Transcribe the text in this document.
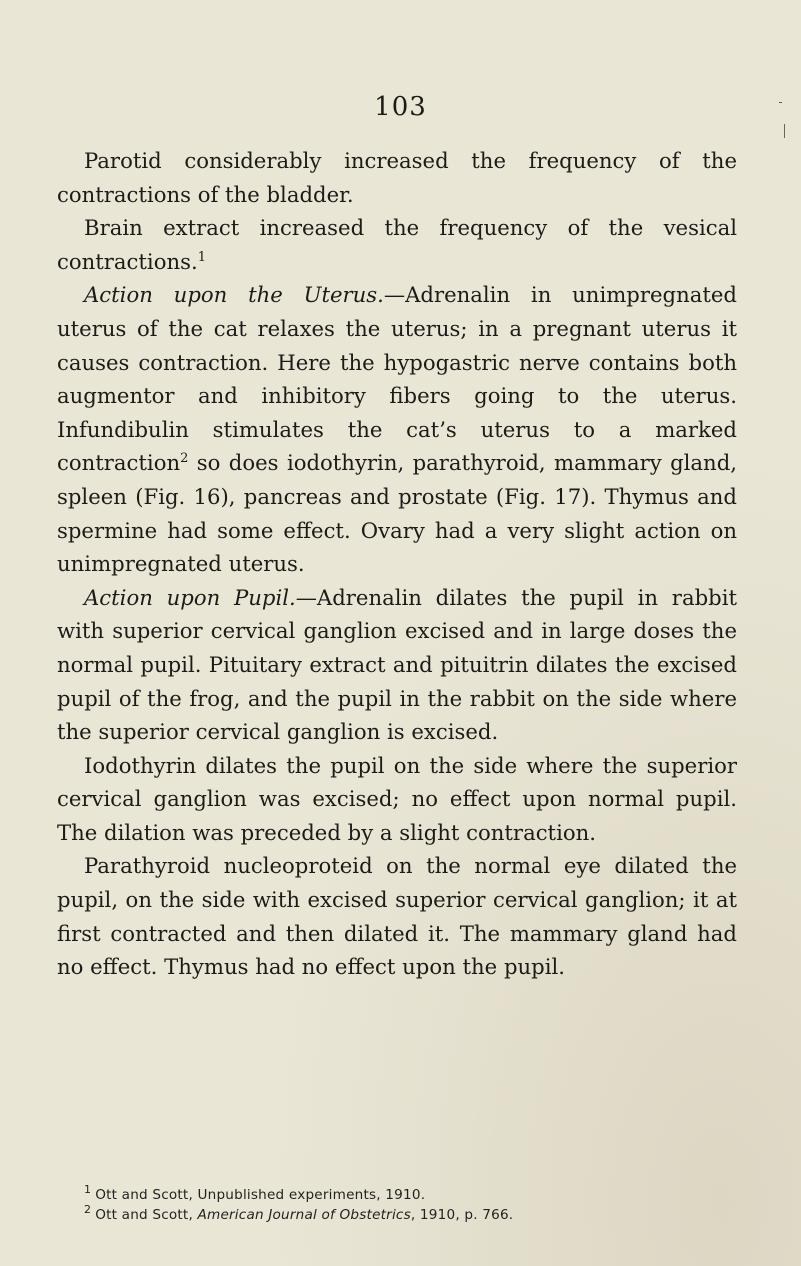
103

Parotid considerably increased the frequency of the contractions of the bladder.

Brain extract increased the frequency of the vesical contractions.$^1$

Action upon the Uterus.—Adrenalin in unimpregnated uterus of the cat relaxes the uterus; in a pregnant uterus it causes contraction. Here the hypogastric nerve contains both augmentor and inhibitory fibers going to the uterus. Infundibulin stimulates the cat’s uterus to a marked contraction$^2$ so does iodothyrin, parathyroid, mammary gland, spleen (Fig. 16), pancreas and prostate (Fig. 17). Thymus and spermine had some effect. Ovary had a very slight action on unimpregnated uterus.

Action upon Pupil.—Adrenalin dilates the pupil in rabbit with superior cervical ganglion excised and in large doses the normal pupil. Pituitary extract and pituitrin dilates the excised pupil of the frog, and the pupil in the rabbit on the side where the superior cervical ganglion is excised.

Iodothyrin dilates the pupil on the side where the superior cervical ganglion was excised; no effect upon normal pupil. The dilation was preceded by a slight contraction.

Parathyroid nucleoproteid on the normal eye dilated the pupil, on the side with excised superior cervical ganglion; it at first contracted and then dilated it. The mammary gland had no effect. Thymus had no effect upon the pupil.

$^1$ Ott and Scott, Unpublished experiments, 1910.

$^2$ Ott and Scott, American Journal of Obstetrics, 1910, p. 766.
